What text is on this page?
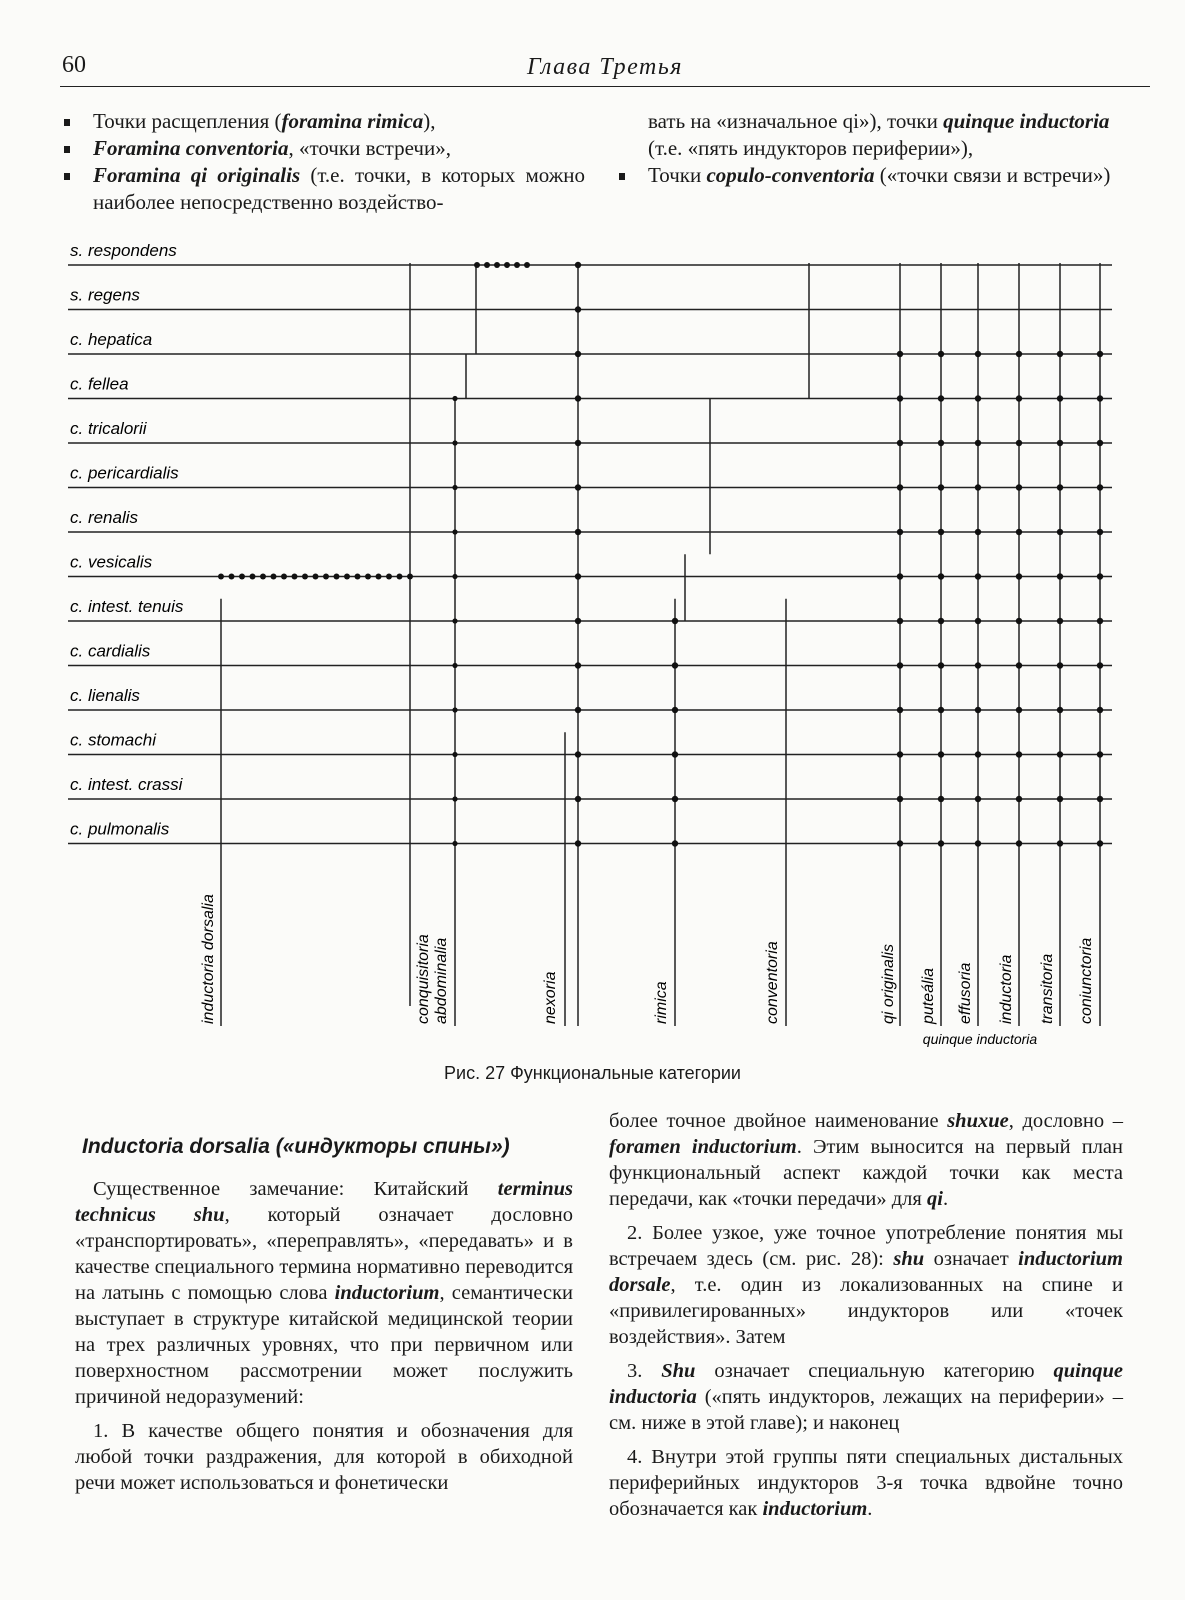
60	Глава Третья
Точки расщепления (foramina rimica),
Foramina conventoria, «точки встречи»,
Foramina qi originalis (т.е. точки, в которых можно наиболее непосредственно воздейство-
вать на «изначальное qi»), точки quinque inductoria (т.е. «пять индукторов периферии»),
Точки copulo-conventoria («точки связи и встречи»)
s. respondens
s. regens
c. hepatica
c. fellea
c. tricalorii
c. pericardialis
c. renalis
c. vesicalis
c. intest. tenuis
c. cardialis
c. lienalis
c. stomachi
c. intest. crassi
c. pulmonalis
inductoria dorsalia	conquisitoria abdominalia	nexoria	rimica	conventoria	qi originalis puteália effusoria inductoria transitoria coniunctoria
quinque inductoria
Рис. 27 Функциональные категории
Inductoria dorsalia («индукторы спины»)

Существенное замечание: Китайский terminus technicus shu, который означает дословно «транспортировать», «переправлять», «передавать» и в качестве специального термина нормативно переводится на латынь с помощью слова inductorium, семантически выступает в структуре китайской медицинской теории на трех различных уровнях, что при первичном или поверхностном рассмотрении может послужить причиной недоразумений:

1. В качестве общего понятия и обозначения для любой точки раздражения, для которой в обиходной речи может использоваться и фонетически

более точное двойное наименование shuxue, дословно – foramen inductorium. Этим выносится на первый план функциональный аспект каждой точки как места передачи, как «точки передачи» для qi.

2. Более узкое, уже точное употребление понятия мы встречаем здесь (см. рис. 28): shu означает inductorium dorsale, т.е. один из локализованных на спине и «привилегированных» индукторов или «точек воздействия». Затем

3. Shu означает специальную категорию quinque inductoria («пять индукторов, лежащих на периферии» – см. ниже в этой главе); и наконец

4. Внутри этой группы пяти специальных дистальных периферийных индукторов 3-я точка вдвойне точно обозначается как inductorium.
